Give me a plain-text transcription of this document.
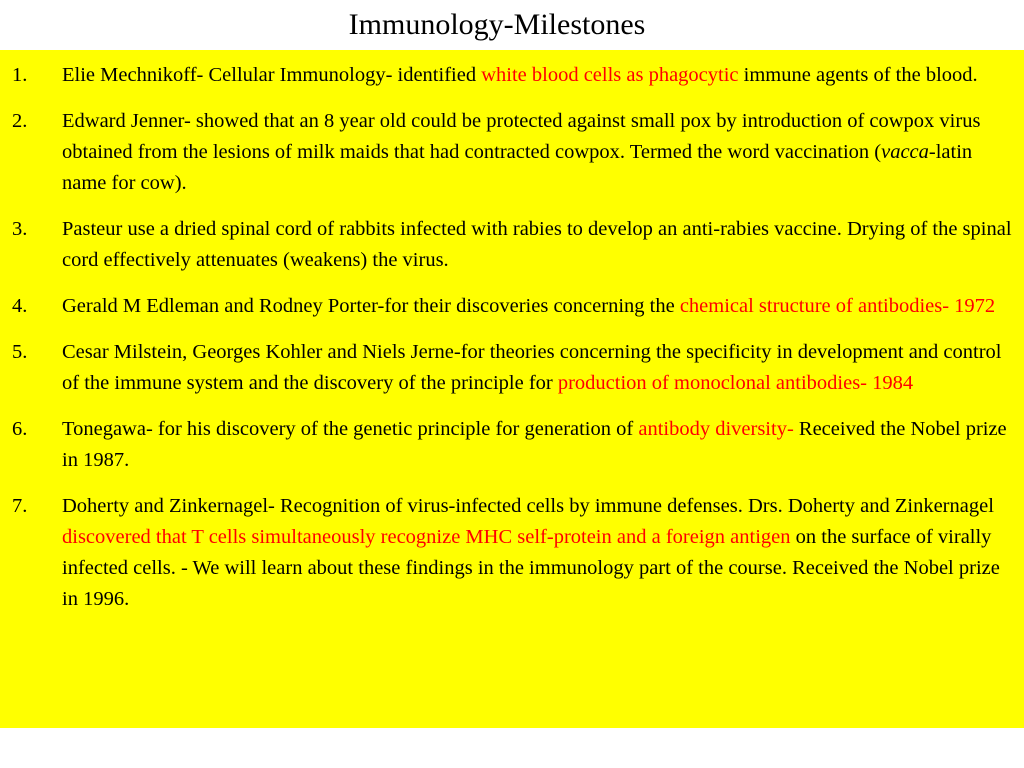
Immunology-Milestones
1. Elie Mechnikoff- Cellular Immunology- identified white blood cells as phagocytic immune agents of the blood.
2. Edward Jenner- showed that an 8 year old could be protected against small pox by introduction of cowpox virus obtained from the lesions of milk maids that had contracted cowpox. Termed the word vaccination (vacca-latin name for cow).
3. Pasteur use a dried spinal cord of rabbits infected with rabies to develop an anti-rabies vaccine. Drying of the spinal cord effectively attenuates (weakens) the virus.
4. Gerald M Edleman and Rodney Porter-for their discoveries concerning the chemical structure of antibodies- 1972
5. Cesar Milstein, Georges Kohler and Niels Jerne-for theories concerning the specificity in development and control of the immune system and the discovery of the principle for production of monoclonal antibodies- 1984
6. Tonegawa- for his discovery of the genetic principle for generation of antibody diversity- Received the Nobel prize in 1987.
7. Doherty and Zinkernagel- Recognition of virus-infected cells by immune defenses. Drs. Doherty and Zinkernagel discovered that T cells simultaneously recognize MHC self-protein and a foreign antigen on the surface of virally infected cells. - We will learn about these findings in the immunology part of the course. Received the Nobel prize in 1996.
